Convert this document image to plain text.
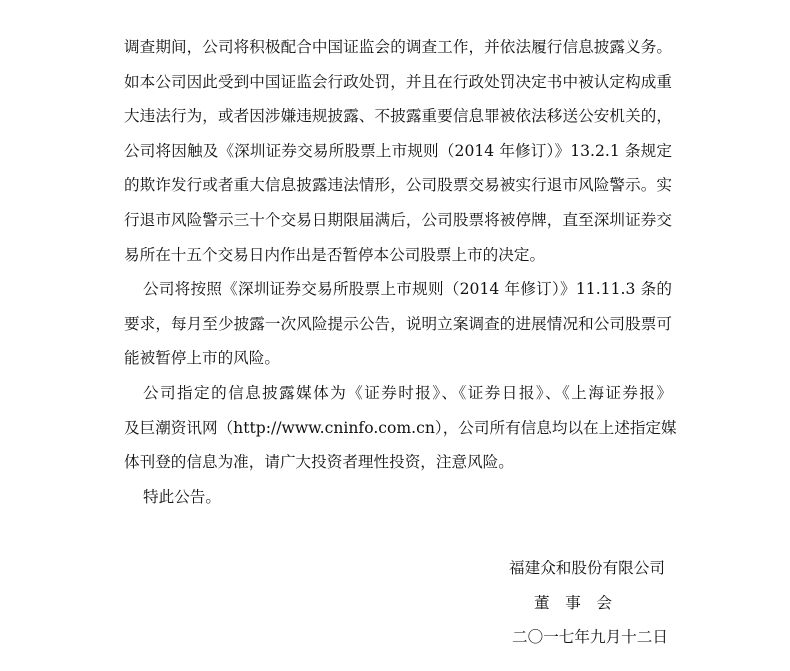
调查期间，公司将积极配合中国证监会的调查工作，并依法履行信息披露义务。
如本公司因此受到中国证监会行政处罚，并且在行政处罚决定书中被认定构成重
大违法行为，或者因涉嫌违规披露、不披露重要信息罪被依法移送公安机关的，
公司将因触及《深圳证券交易所股票上市规则（2014 年修订）》13.2.1 条规定
的欺诈发行或者重大信息披露违法情形，公司股票交易被实行退市风险警示。实
行退市风险警示三十个交易日期限届满后，公司股票将被停牌，直至深圳证券交
易所在十五个交易日内作出是否暂停本公司股票上市的决定。
公司将按照《深圳证券交易所股票上市规则（2014 年修订）》11.11.3 条的
要求，每月至少披露一次风险提示公告，说明立案调查的进展情况和公司股票可
能被暂停上市的风险。
公司指定的信息披露媒体为《证券时报》、《证券日报》、《上海证券报》
及巨潮资讯网（http://www.cninfo.com.cn），公司所有信息均以在上述指定媒
体刊登的信息为准，请广大投资者理性投资，注意风险。
特此公告。
福建众和股份有限公司
董　事　会
二〇一七年九月十二日
